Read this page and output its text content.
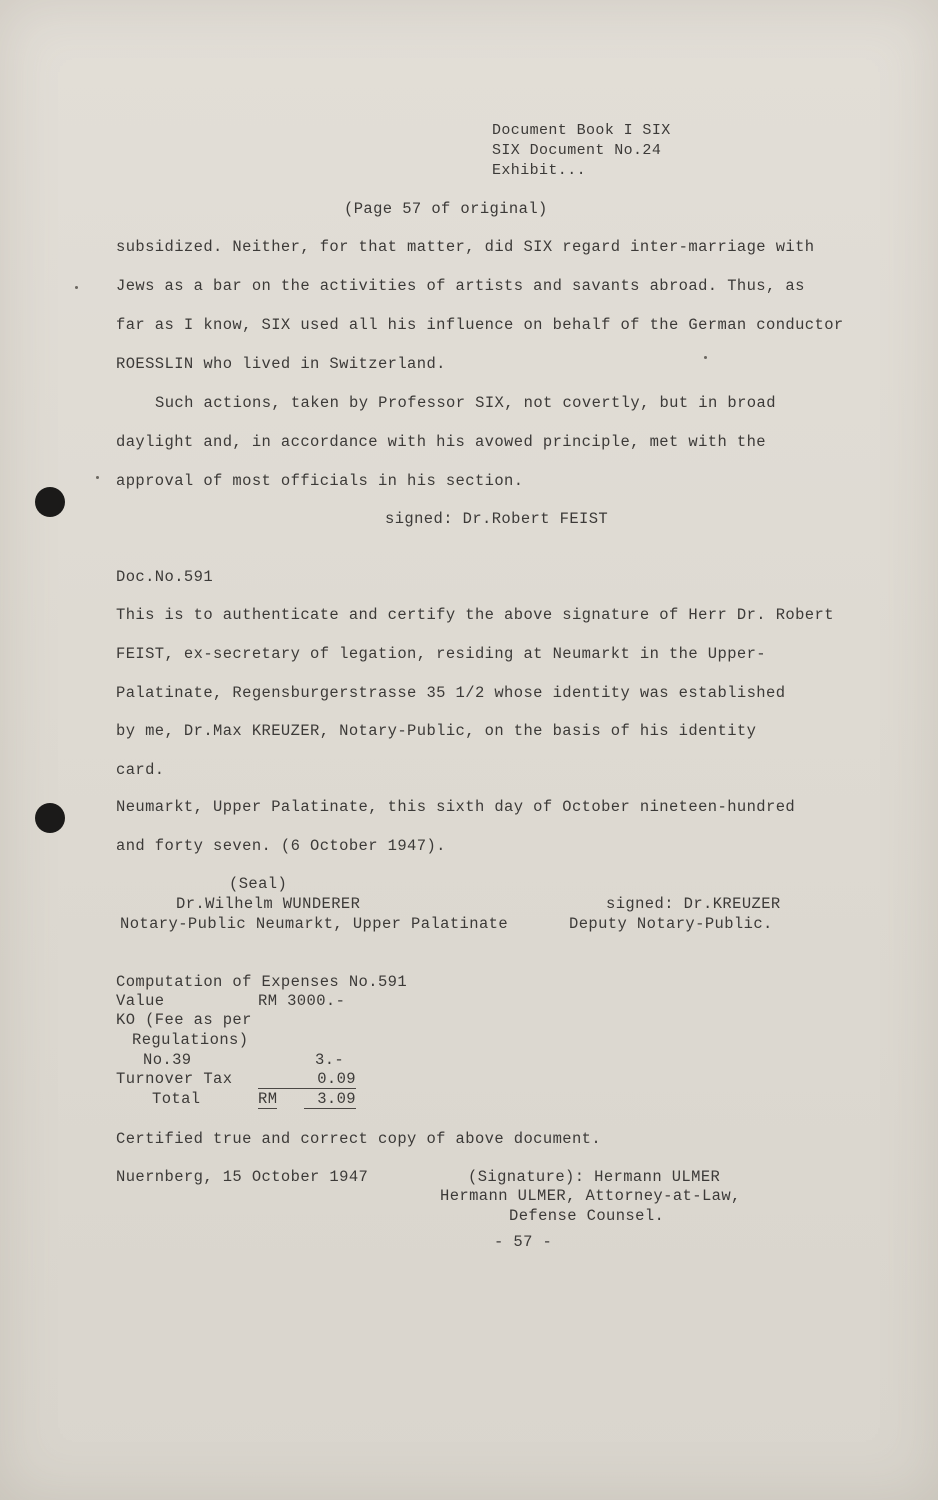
Document Book I SIX
SIX Document No.24
Exhibit...
(Page 57 of original)
subsidized. Neither, for that matter, did SIX regard inter-marriage with
Jews as a bar on the activities of artists and savants abroad. Thus, as
far as I know, SIX used all his influence on behalf of the German conductor
ROESSLIN who lived in Switzerland.
Such actions, taken by Professor SIX, not covertly, but in broad
daylight and, in accordance with his avowed principle, met with the
approval of most officials in his section.
signed: Dr.Robert FEIST
Doc.No.591
This is to authenticate and certify the above signature of Herr Dr. Robert
FEIST, ex-secretary of legation, residing at Neumarkt in the Upper-
Palatinate, Regensburgerstrasse 35 1/2 whose identity was established
by me, Dr.Max KREUZER, Notary-Public, on the basis of his identity
card.
Neumarkt, Upper Palatinate, this sixth day of October nineteen-hundred
and forty seven. (6 October 1947).
(Seal)
Dr.Wilhelm WUNDERER
Notary-Public Neumarkt, Upper Palatinate
signed: Dr.KREUZER
Deputy Notary-Public.
Computation of Expenses No.591
Value	RM 3000.-
KO (Fee as per
Regulations)
No.39	3.-
Turnover Tax	0.09
Total	RM	3.09
Certified true and correct copy of above document.
Nuernberg, 15 October 1947	(Signature): Hermann ULMER
Hermann ULMER, Attorney-at-Law,
Defense Counsel.
- 57 -
